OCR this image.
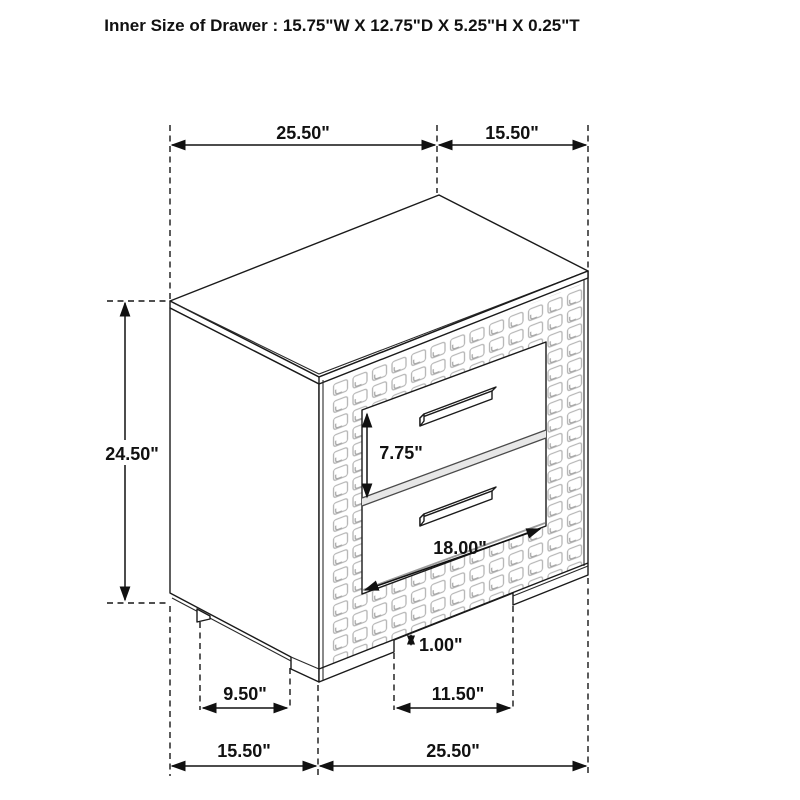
25.50"	15.50"
24.50"	7.75"
18.00"
1.00"
9.50"	11.50"
15.50"	25.50"
Inner Size of Drawer : 15.75"W X 12.75"D X 5.25"H X 0.25"T
